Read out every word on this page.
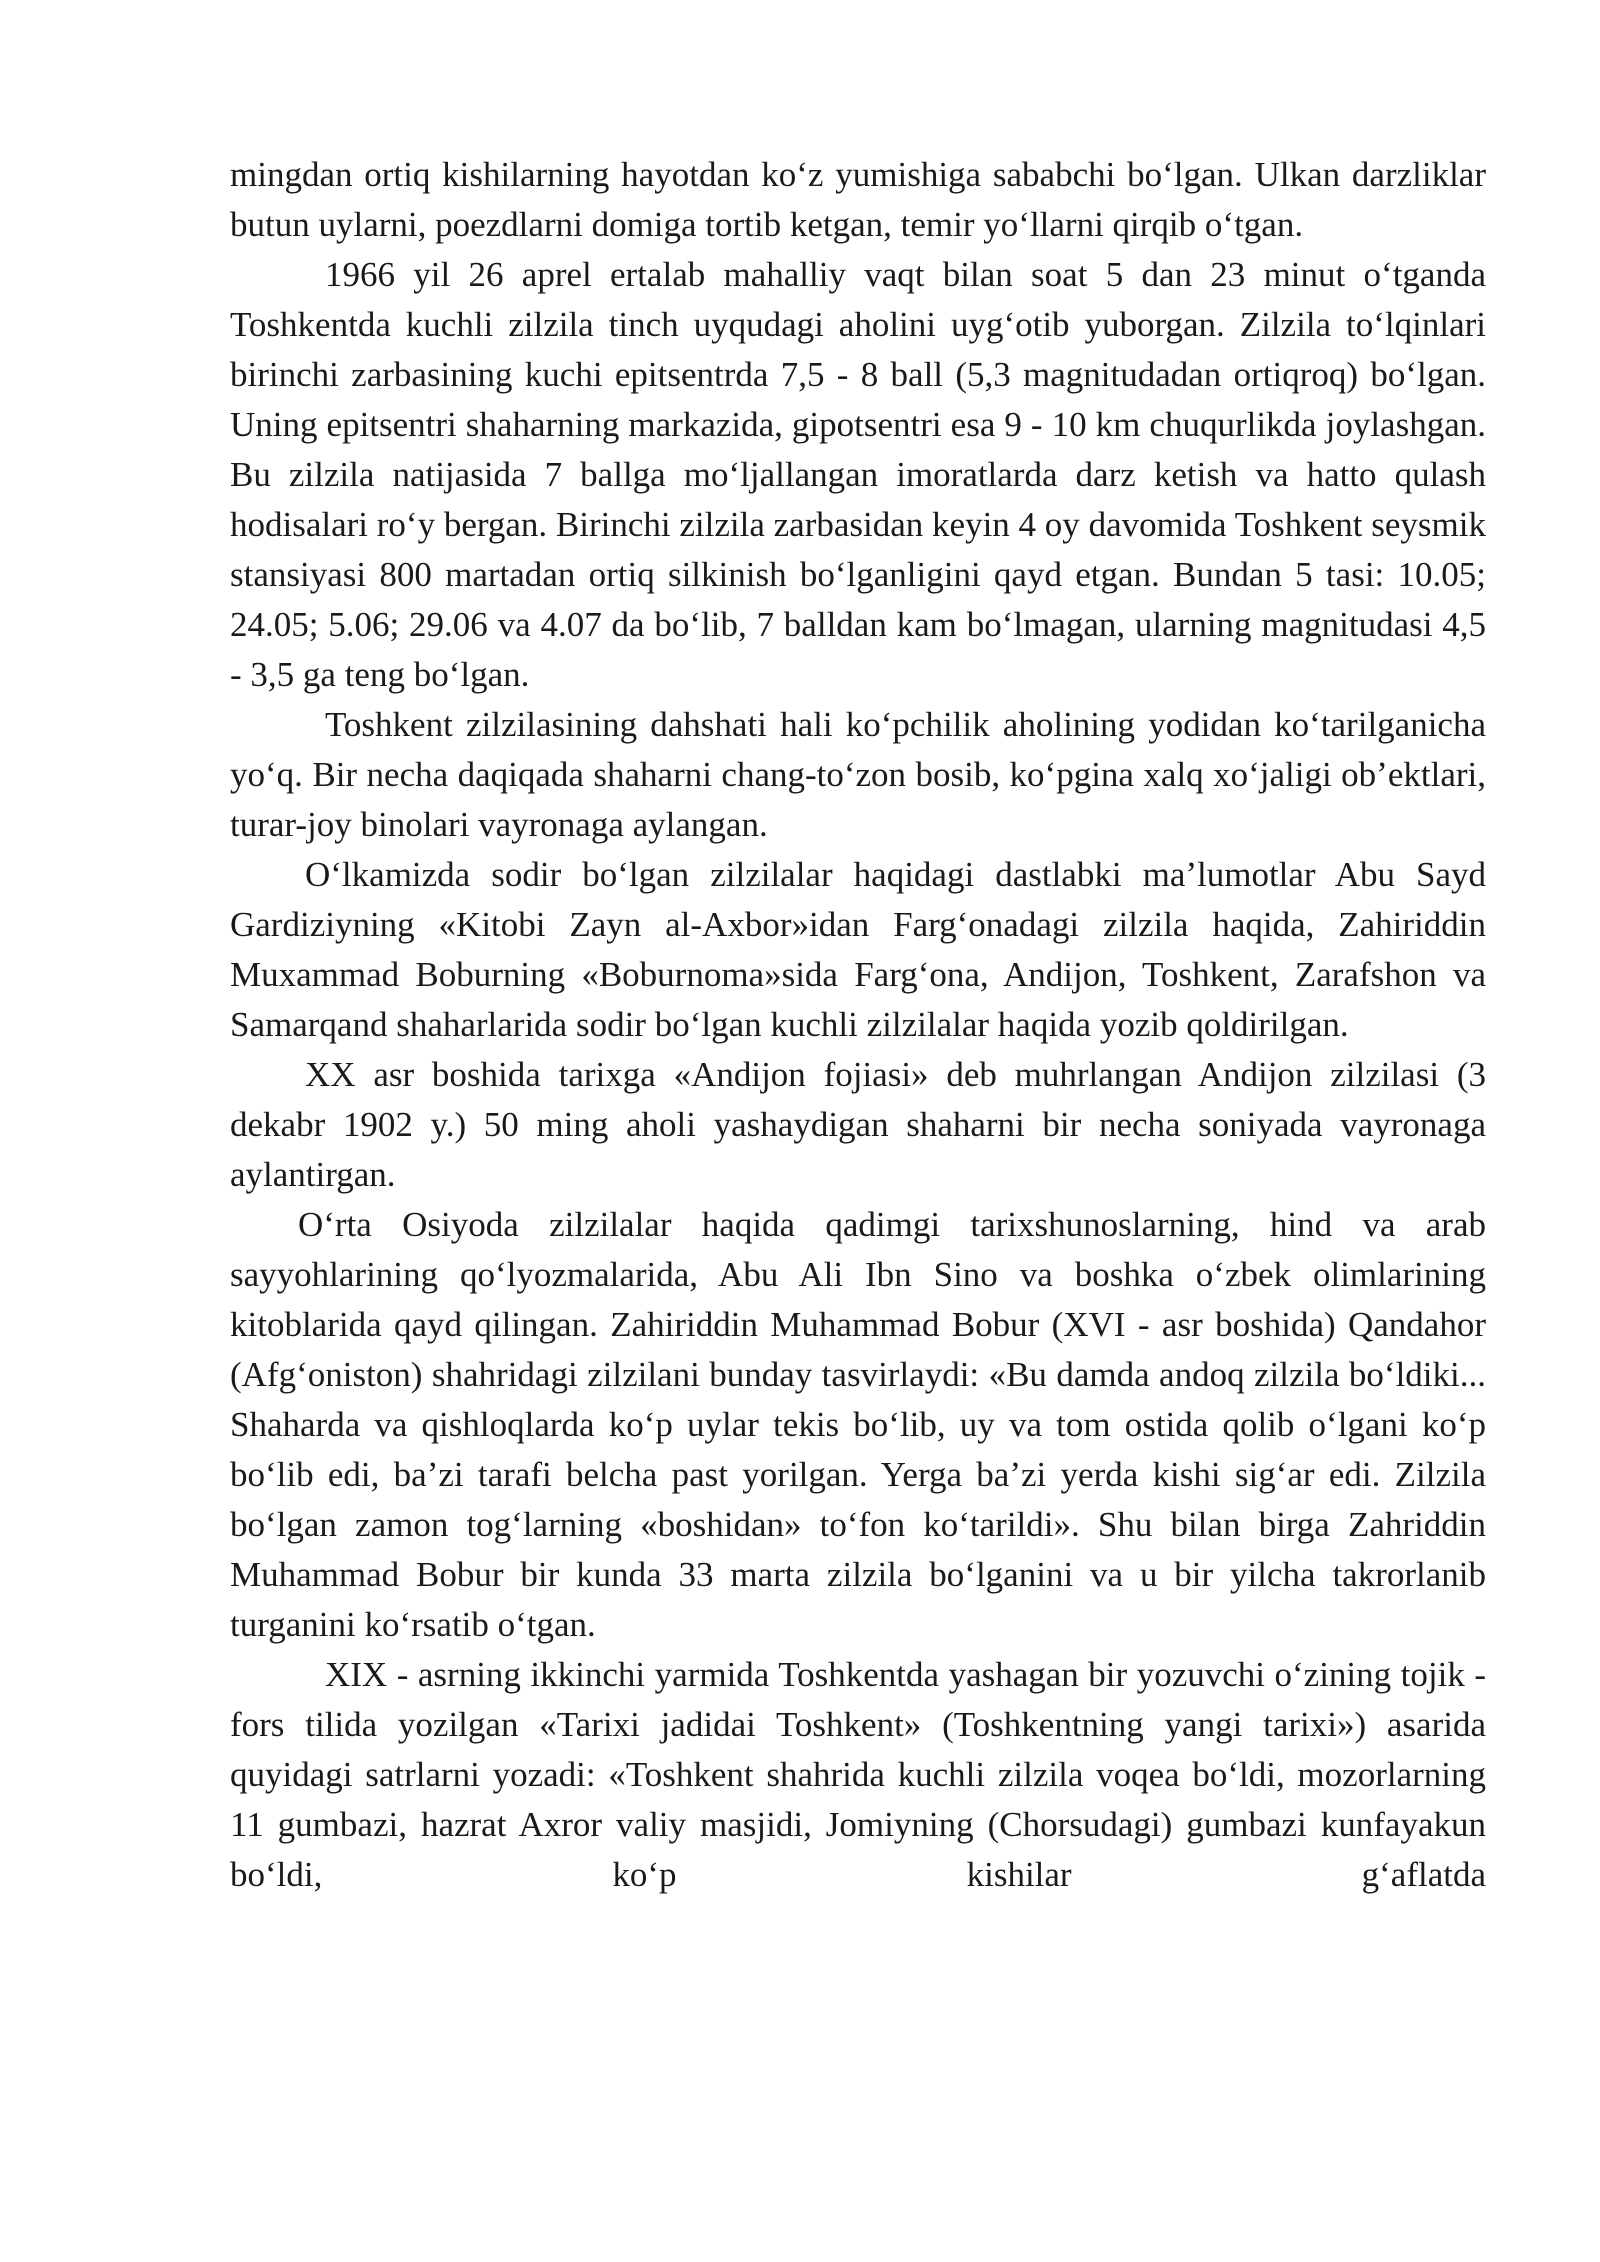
mingdan ortiq kishilarning hayotdan koʻz yumishiga sababchi boʻlgan. Ulkan darzliklar butun uylarni, poezdlarni domiga tortib ketgan, temir yoʻllarni qirqib oʻtgan.

1966 yil 26 aprel ertalab mahalliy vaqt bilan soat 5 dan 23 minut oʻtganda Toshkentda kuchli zilzila tinch uyqudagi aholini uygʻotib yuborgan. Zilzila toʻlqinlari birinchi zarbasining kuchi epitsentrda 7,5 - 8 ball (5,3 magnitudadan ortiqroq) boʻlgan. Uning epitsentri shaharning markazida, gipotsentri esa 9 - 10 km chuqurlikda joylashgan. Bu zilzila natijasida 7 ballga moʻljallangan imoratlarda darz ketish va hatto qulash hodisalari roʻy bergan. Birinchi zilzila zarbasidan keyin 4 oy davomida Toshkent seysmik stansiyasi 800 martadan ortiq silkinish boʻlganligini qayd etgan. Bundan 5 tasi: 10.05; 24.05; 5.06; 29.06 va 4.07 da boʻlib, 7 balldan kam boʻlmagan, ularning magnitudasi 4,5 - 3,5 ga teng boʻlgan.

Toshkent zilzilasining dahshati hali koʻpchilik aholining yodidan koʻtarilganicha yoʻq. Bir necha daqiqada shaharni chang-toʻzon bosib, koʻpgina xalq xoʻjaligi obʼektlari, turar-joy binolari vayronaga aylangan.

Oʻlkamizda sodir boʻlgan zilzilalar haqidagi dastlabki maʼlumotlar Abu Sayd Gardiziyning «Kitobi Zayn al-Axbor»idan Fargʻonadagi zilzila haqida, Zahiriddin Muxammad Boburning «Boburnoma»sida Fargʻona, Andijon, Toshkent, Zarafshon va Samarqand shaharlarida sodir boʻlgan kuchli zilzilalar haqida yozib qoldirilgan.

XX asr boshida tarixga «Andijon fojiasi» deb muhrlangan Andijon zilzilasi (3 dekabr 1902 y.) 50 ming aholi yashaydigan shaharni bir necha soniyada vayronaga aylantirgan.

Oʻrta Osiyoda zilzilalar haqida qadimgi tarixshunoslarning, hind va arab sayyohlarining qoʻlyozmalarida, Abu Ali Ibn Sino va boshka oʻzbek olimlarining kitoblarida qayd qilingan. Zahiriddin Muhammad Bobur (XVI - asr boshida) Qandahor (Afgʻoniston) shahridagi zilzilani bunday tasvirlaydi: «Bu damda andoq zilzila boʻldiki... Shaharda va qishloqlarda koʻp uylar tekis boʻlib, uy va tom ostida qolib oʻlgani koʻp boʻlib edi, baʼzi tarafi belcha past yorilgan. Yerga baʼzi yerda kishi sigʻar edi. Zilzila boʻlgan zamon togʻlarning «boshidan» toʻfon koʻtarildi». Shu bilan birga Zahriddin Muhammad Bobur bir kunda 33 marta zilzila boʻlganini va u bir yilcha takrorlanib turganini koʻrsatib oʻtgan.

XIX - asrning ikkinchi yarmida Toshkentda yashagan bir yozuvchi oʻzining tojik - fors tilida yozilgan «Tarixi jadidai Toshkent» (Toshkentning yangi tarixi») asarida quyidagi satrlarni yozadi: «Toshkent shahrida kuchli zilzila voqea boʻldi, mozorlarning 11 gumbazi, hazrat Axror valiy masjidi, Jomiyning (Chorsudagi) gumbazi kunfayakun boʻldi, koʻp kishilar gʻaflatda
